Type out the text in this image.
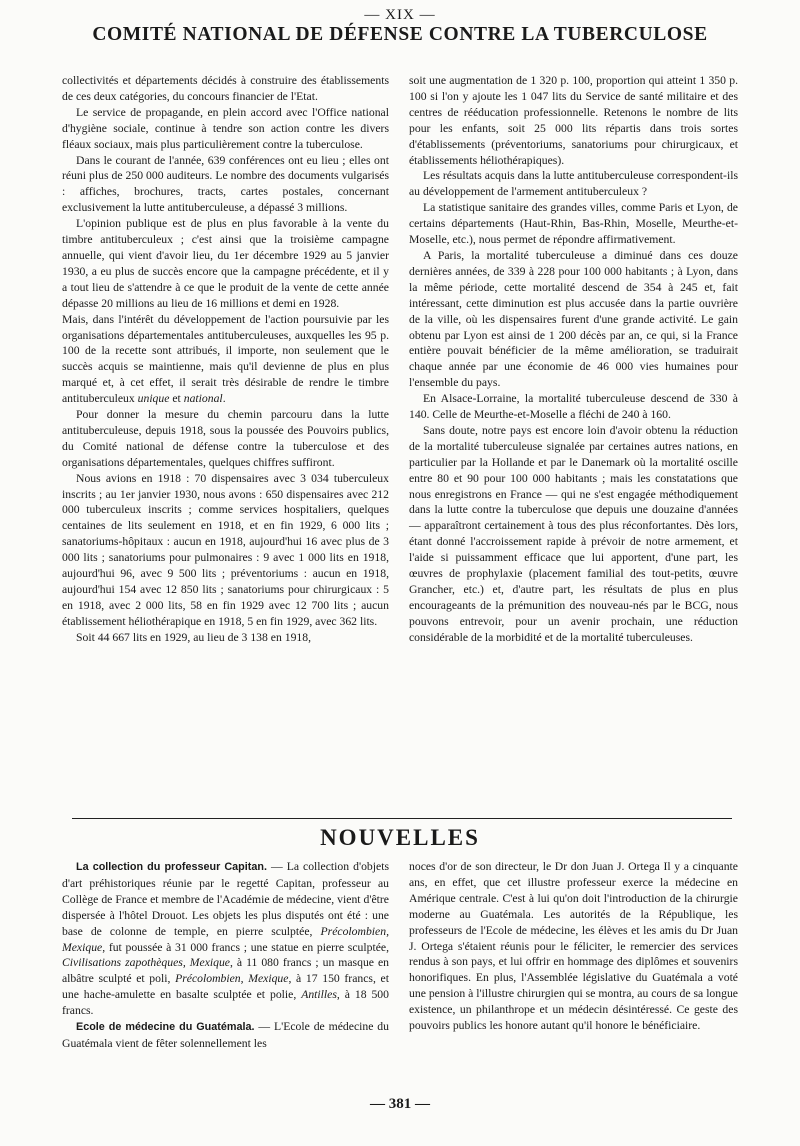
— XIX —
COMITÉ NATIONAL DE DÉFENSE CONTRE LA TUBERCULOSE

collectivités et départements décidés à construire des établissements de ces deux catégories, du concours financier de l'Etat.

Le service de propagande, en plein accord avec l'Office national d'hygiène sociale, continue à tendre son action contre les divers fléaux sociaux, mais plus particulièrement contre la tuberculose.

Dans le courant de l'année, 639 conférences ont eu lieu ; elles ont réuni plus de 250 000 auditeurs. Le nombre des documents vulgarisés : affiches, brochures, tracts, cartes postales, concernant exclusivement la lutte antituberculeuse, a dépassé 3 millions.

L'opinion publique est de plus en plus favorable à la vente du timbre antituberculeux ; c'est ainsi que la troisième campagne annuelle, qui vient d'avoir lieu, du 1er décembre 1929 au 5 janvier 1930, a eu plus de succès encore que la campagne précédente, et il y a tout lieu de s'attendre à ce que le produit de la vente de cette année dépasse 20 millions au lieu de 16 millions et demi en 1928.

Mais, dans l'intérêt du développement de l'action poursuivie par les organisations départementales antituberculeuses, auxquelles les 95 p. 100 de la recette sont attribués, il importe, non seulement que le succès acquis se maintienne, mais qu'il devienne de plus en plus marqué et, à cet effet, il serait très désirable de rendre le timbre antituberculeux unique et national.

Pour donner la mesure du chemin parcouru dans la lutte antituberculeuse, depuis 1918, sous la poussée des Pouvoirs publics, du Comité national de défense contre la tuberculose et des organisations départementales, quelques chiffres suffiront.

Nous avions en 1918 : 70 dispensaires avec 3 034 tuberculeux inscrits ; au 1er janvier 1930, nous avons : 650 dispensaires avec 212 000 tuberculeux inscrits ; comme services hospitaliers, quelques centaines de lits seulement en 1918, et en fin 1929, 6 000 lits ; sanatoriums-hôpitaux : aucun en 1918, aujourd'hui 16 avec plus de 3 000 lits ; sanatoriums pour pulmonaires : 9 avec 1 000 lits en 1918, aujourd'hui 96, avec 9 500 lits ; préventoriums : aucun en 1918, aujourd'hui 154 avec 12 850 lits ; sanatoriums pour chirurgicaux : 5 en 1918, avec 2 000 lits, 58 en fin 1929 avec 12 700 lits ; aucun établissement héliothérapique en 1918, 5 en fin 1929, avec 362 lits.

Soit 44 667 lits en 1929, au lieu de 3 138 en 1918,

soit une augmentation de 1 320 p. 100, proportion qui atteint 1 350 p. 100 si l'on y ajoute les 1 047 lits du Service de santé militaire et des centres de rééducation professionnelle. Retenons le nombre de lits pour les enfants, soit 25 000 lits répartis dans trois sortes d'établissements (préventoriums, sanatoriums pour chirurgicaux, et établissements héliothérapiques).

Les résultats acquis dans la lutte antituberculeuse correspondent-ils au développement de l'armement antituberculeux ?

La statistique sanitaire des grandes villes, comme Paris et Lyon, de certains départements (Haut-Rhin, Bas-Rhin, Moselle, Meurthe-et-Moselle, etc.), nous permet de répondre affirmativement.

A Paris, la mortalité tuberculeuse a diminué dans ces douze dernières années, de 339 à 228 pour 100 000 habitants ; à Lyon, dans la même période, cette mortalité descend de 354 à 245 et, fait intéressant, cette diminution est plus accusée dans la partie ouvrière de la ville, où les dispensaires furent d'une grande activité. Le gain obtenu par Lyon est ainsi de 1 200 décès par an, ce qui, si la France entière pouvait bénéficier de la même amélioration, se traduirait chaque année par une économie de 46 000 vies humaines pour l'ensemble du pays.

En Alsace-Lorraine, la mortalité tuberculeuse descend de 330 à 140. Celle de Meurthe-et-Moselle a fléchi de 240 à 160.

Sans doute, notre pays est encore loin d'avoir obtenu la réduction de la mortalité tuberculeuse signalée par certaines autres nations, en particulier par la Hollande et par le Danemark où la mortalité oscille entre 80 et 90 pour 100 000 habitants ; mais les constatations que nous enregistrons en France — qui ne s'est engagée méthodiquement dans la lutte contre la tuberculose que depuis une douzaine d'années — apparaîtront certainement à tous des plus réconfortantes. Dès lors, étant donné l'accroissement rapide à prévoir de notre armement, et l'aide si puissamment efficace que lui apportent, d'une part, les œuvres de prophylaxie (placement familial des tout-petits, œuvre Grancher, etc.) et, d'autre part, les résultats de plus en plus encourageants de la prémunition des nouveau-nés par le BCG, nous pouvons entrevoir, pour un avenir prochain, une réduction considérable de la morbidité et de la mortalité tuberculeuses.

NOUVELLES

La collection du professeur Capitan. — La collection d'objets d'art préhistoriques réunie par le regetté Capitan, professeur au Collège de France et membre de l'Académie de médecine, vient d'être dispersée à l'hôtel Drouot. Les objets les plus disputés ont été : une base de colonne de temple, en pierre sculptée, Précolombien, Mexique, fut poussée à 31 000 francs ; une statue en pierre sculptée, Civilisations zapothèques, Mexique, à 11 080 francs ; un masque en albâtre sculpté et poli, Précolombien, Mexique, à 17 150 francs, et une hache-amulette en basalte sculptée et polie, Antilles, à 18 500 francs.

Ecole de médecine du Guatémala. — L'Ecole de médecine du Guatémala vient de fêter solennellement les

noces d'or de son directeur, le Dr don Juan J. Ortega Il y a cinquante ans, en effet, que cet illustre professeur exerce la médecine en Amérique centrale. C'est à lui qu'on doit l'introduction de la chirurgie moderne au Guatémala. Les autorités de la République, les professeurs de l'Ecole de médecine, les élèves et les amis du Dr Juan J. Ortega s'étaient réunis pour le féliciter, le remercier des services rendus à son pays, et lui offrir en hommage des diplômes et souvenirs honorifiques. En plus, l'Assemblée législative du Guatémala a voté une pension à l'illustre chirurgien qui se montra, au cours de sa longue existence, un philanthrope et un médecin désintéressé. Ce geste des pouvoirs publics les honore autant qu'il honore le bénéficiaire.

— 381 —
